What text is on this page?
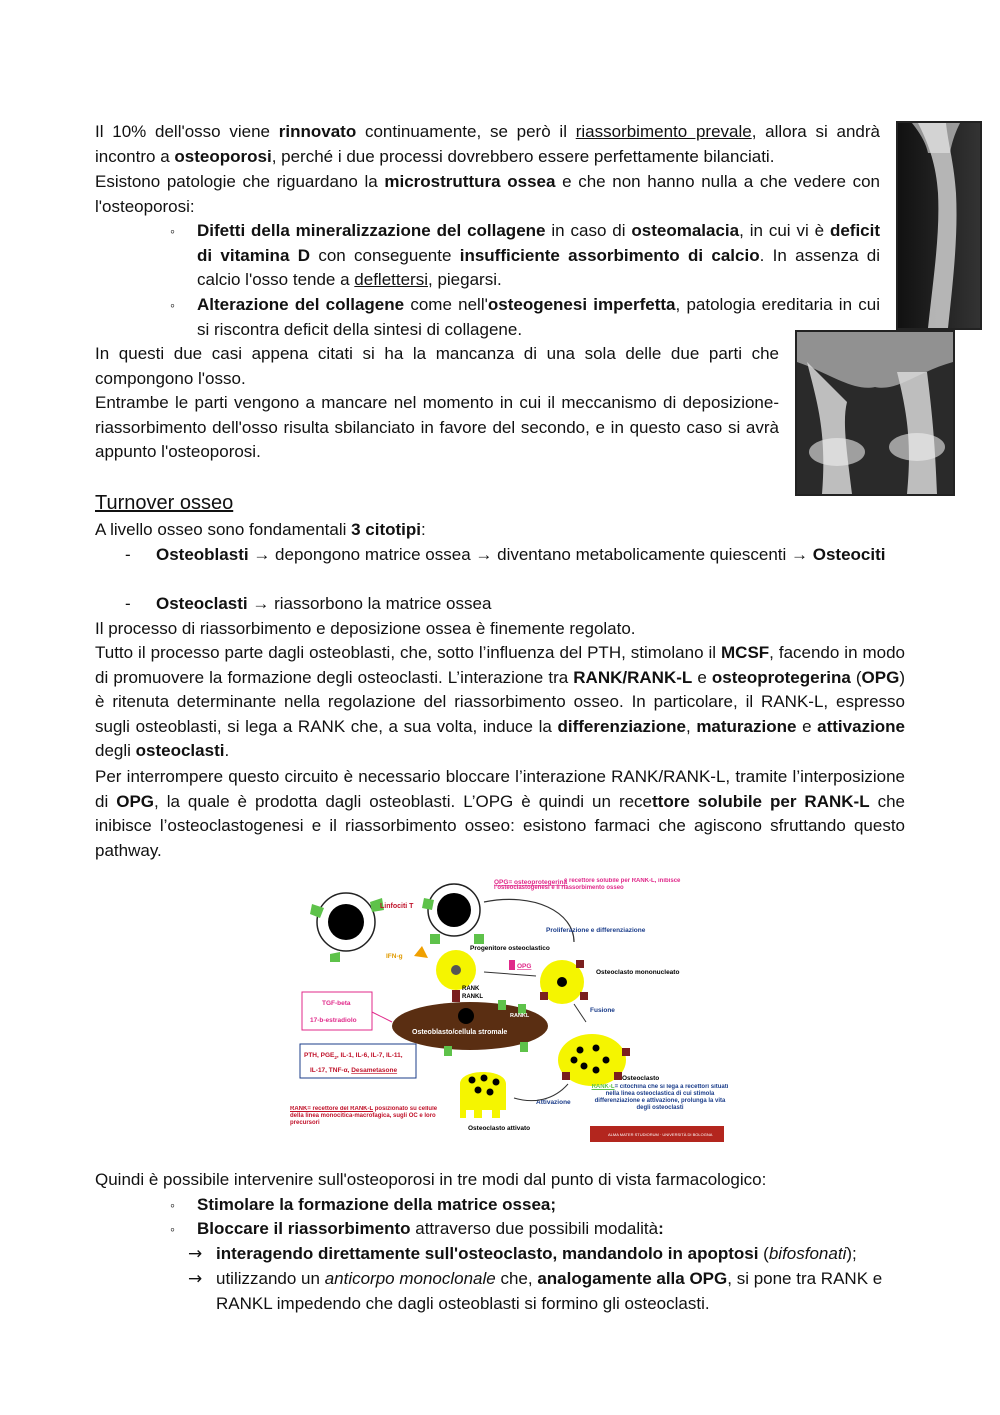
Il 10% dell'osso viene rinnovato continuamente, se però il riassorbimento prevale, allora si andrà incontro a osteoporosi, perché i due processi dovrebbero essere perfettamente bilanciati.
Esistono patologie che riguardano la microstruttura ossea e che non hanno nulla a che vedere con l'osteoporosi:
◦ Difetti della mineralizzazione del collagene in caso di osteomalacia, in cui vi è deficit di vitamina D con conseguente insufficiente assorbimento di calcio. In assenza di calcio l'osso tende a deflettersi, piegarsi.
◦ Alterazione del collagene come nell'osteogenesi imperfetta, patologia ereditaria in cui si riscontra deficit della sintesi di collagene.
In questi due casi appena citati si ha la mancanza di una sola delle due parti che compongono l'osso.
Entrambe le parti vengono a mancare nel momento in cui il meccanismo di deposizione-riassorbimento dell'osso risulta sbilanciato in favore del secondo, e in questo caso si avrà appunto l'osteoporosi.
Turnover osseo
A livello osseo sono fondamentali 3 citotipi:
- Osteoblasti → depongono matrice ossea → diventano metabolicamente quiescenti → Osteociti
- Osteoclasti → riassorbono la matrice ossea
Il processo di riassorbimento e deposizione ossea è finemente regolato.
Tutto il processo parte dagli osteoblasti, che, sotto l’influenza del PTH, stimolano il MCSF, facendo in modo di promuovere la formazione degli osteoclasti. L’interazione tra RANK/RANK-L e osteoprotegerina (OPG) è ritenuta determinante nella regolazione del riassorbimento osseo. In particolare, il RANK-L, espresso sugli osteoblasti, si lega a RANK che, a sua volta, induce la differenziazione, maturazione e attivazione degli osteoclasti.
Per interrompere questo circuito è necessario bloccare l’interazione RANK/RANK-L, tramite l’interposizione di OPG, la quale è prodotta dagli osteoblasti. L’OPG è quindi un recettore solubile per RANK-L che inibisce l’osteoclastogenesi e il riassorbimento osseo: esistono farmaci che agiscono sfruttando questo pathway.
Linfociti T
OPG= osteoprotegerina
è recettore solubile per RANK-L, inibisce l’osteoclastogenesi e il riassorbimento osseo
Proliferazione e differenziazione
Progenitore osteoclastico
OPG
IFN-g
RANK
RANKL
Osteoclasto mononucleato
TGF-beta
17-b-estradiolo
Osteoblasto/cellula stromale
RANKL
Fusione
PTH, $PGE_2$, IL-1, IL-6, IL-7, IL-11,
IL-17, TNF-α, Desametasone
Osteoclasto
Attivazione
RANK-L= citochina che si lega a recettori situati nella linea osteoclastica di cui stimola differenziazione e attivazione, prolunga la vita degli osteoclasti
RANK= recettore del RANK-L posizionato su cellule della linea monocitica-macrofagica, sugli OC e loro precursori
Osteoclasto attivato
ALMA MATER STUDIORUM · UNIVERSITÀ DI BOLOGNA
Quindi è possibile intervenire sull'osteoporosi in tre modi dal punto di vista farmacologico:
◦ Stimolare la formazione della matrice ossea;
◦ Bloccare il riassorbimento attraverso due possibili modalità:
→ interagendo direttamente sull'osteoclasto, mandandolo in apoptosi (bifosfonati);
→ utilizzando un anticorpo monoclonale che, analogamente alla OPG, si pone tra RANK e RANKL impedendo che dagli osteoblasti si formino gli osteoclasti.
